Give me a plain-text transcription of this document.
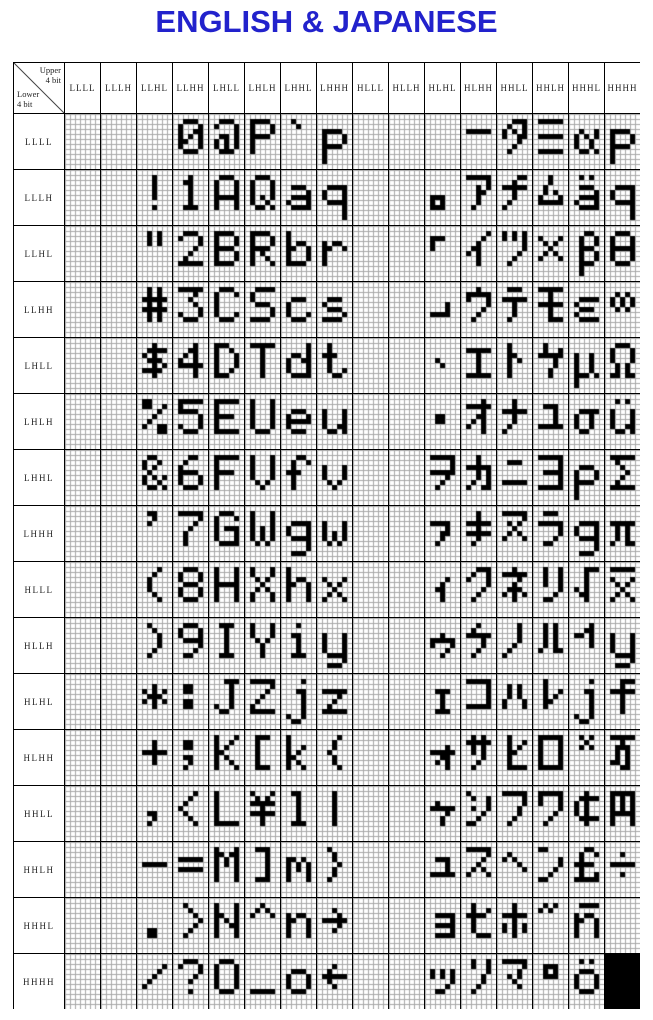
ENGLISH & JAPANESE
Upper
4 bit
Lower
4 bit
LLLL	LLLH	LLHL LLHH LHLL LHLH LHHL LHHH HLLL HLLH HLHL HLHH HHLL HHLH HHHL HHHH
LLLL
LLLH
LLHL
LLHH
LHLL
LHLH
LHHL
LHHH
HLLL
HLLH
HLHL
HLHH
HHLL
HHLH
HHHL
HHHH
